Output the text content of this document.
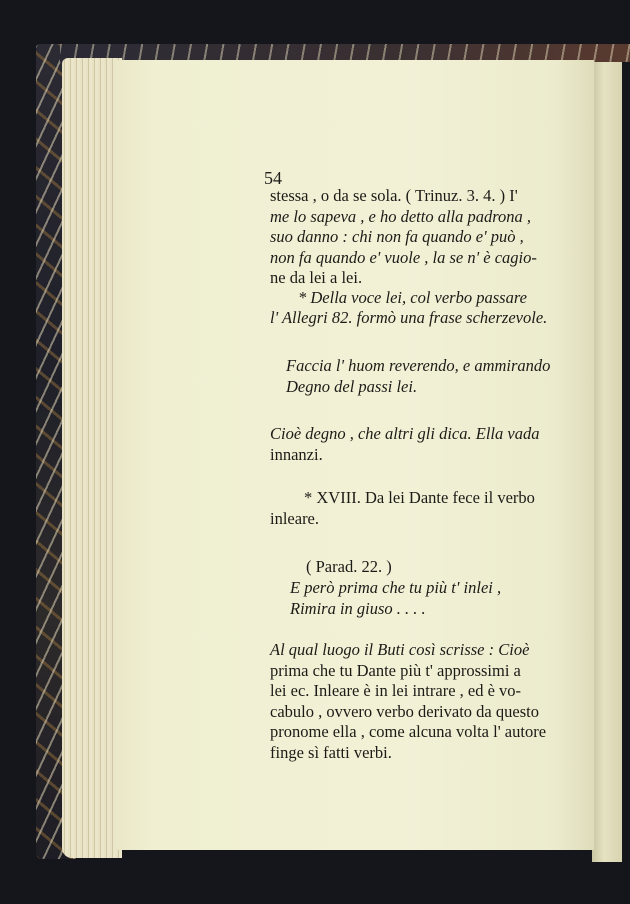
54
stessa , o da se sola. ( Trinuz. 3. 4. ) I'
me lo sapeva , e ho detto alla padrona ,
suo danno : chi non fa quando e' può ,
non fa quando e' vuole , la se n' è cagio-
ne da lei a lei.
* Della voce lei, col verbo passare
l' Allegri 82. formò una frase scherzevole.
Faccia l' huom reverendo, e ammirando
Degno del passi lei.
Cioè degno , che altri gli dica. Ella vada
innanzi.
* XVIII. Da lei Dante fece il verbo
inleare.
( Parad. 22. )
E però prima che tu più t' inlei ,
Rimira in giuso . . . .
Al qual luogo il Buti così scrisse : Cioè
prima che tu Dante più t' approssimi a
lei ec. Inleare è in lei intrare , ed è vo-
cabulo , ovvero verbo derivato da questo
pronome ella , come alcuna volta l' autore
finge sì fatti verbi.
